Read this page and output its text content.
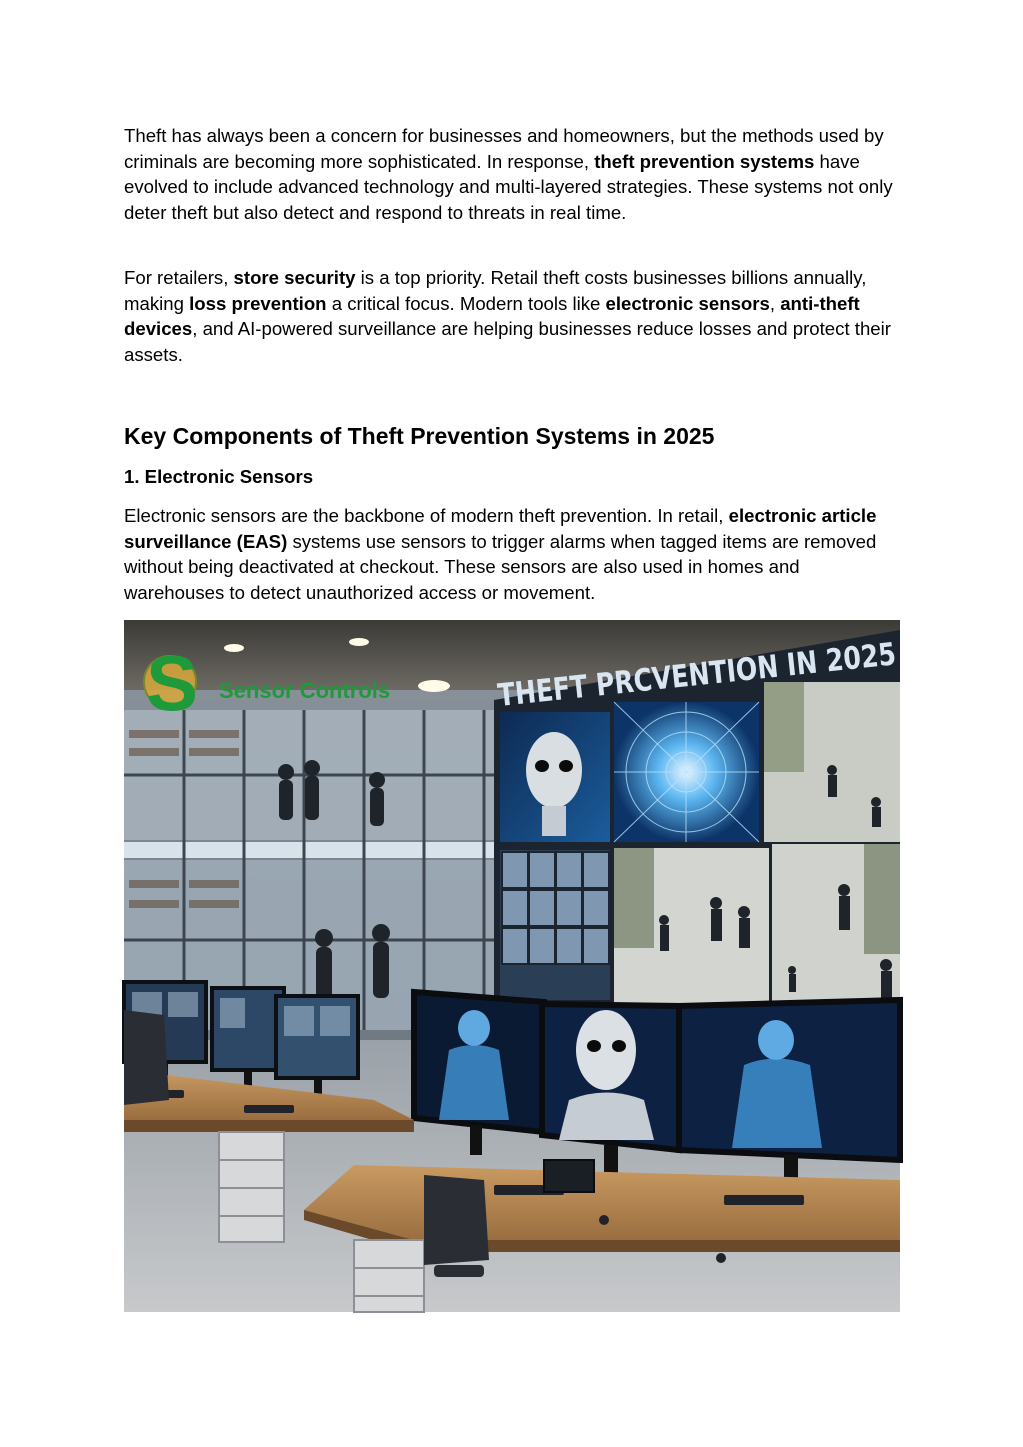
Theft has always been a concern for businesses and homeowners, but the methods used by criminals are becoming more sophisticated. In response, theft prevention systems have evolved to include advanced technology and multi-layered strategies. These systems not only deter theft but also detect and respond to threats in real time.

For retailers, store security is a top priority. Retail theft costs businesses billions annually, making loss prevention a critical focus. Modern tools like electronic sensors, anti-theft devices, and AI-powered surveillance are helping businesses reduce losses and protect their assets.

Key Components of Theft Prevention Systems in 2025
1. Electronic Sensors

Electronic sensors are the backbone of modern theft prevention. In retail, electronic article surveillance (EAS) systems use sensors to trigger alarms when tagged items are removed without being deactivated at checkout. These sensors are also used in homes and warehouses to detect unauthorized access or movement.

S Sensor Controls	THEFT PRCVENTION IN 2025
